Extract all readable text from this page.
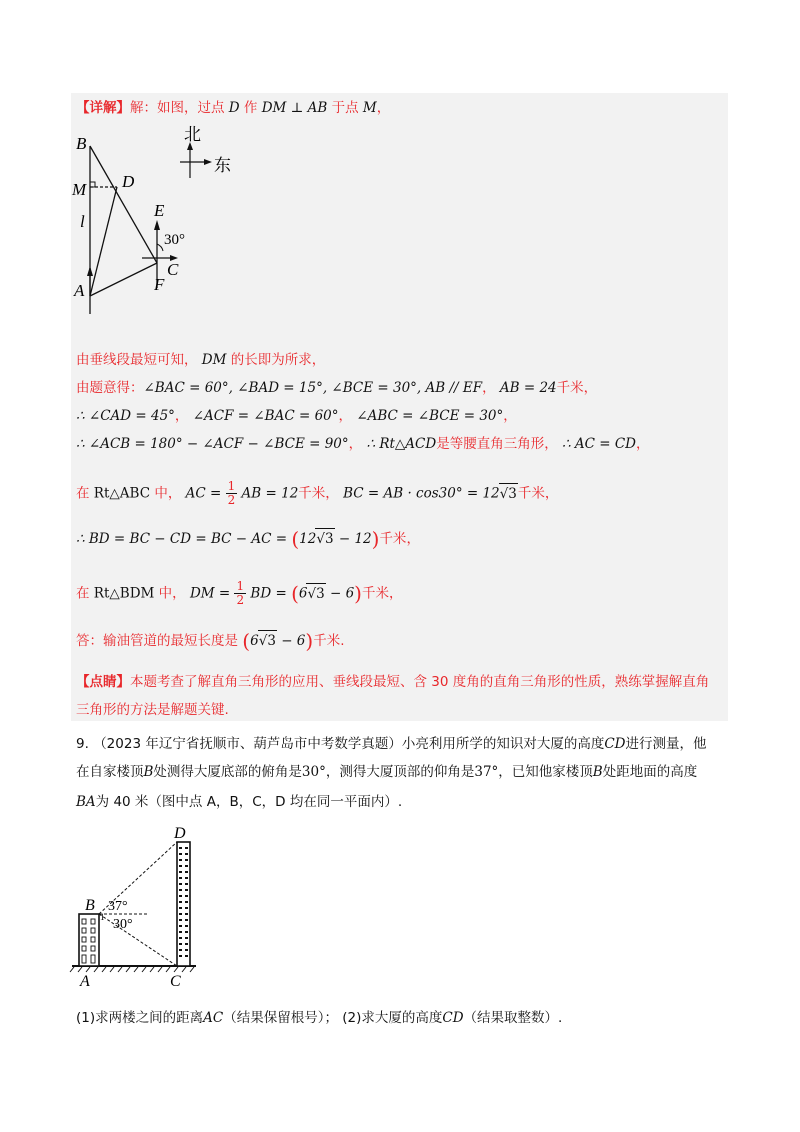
【详解】解：如图，过点 D 作 DM ⊥ AB 于点 M，
北
东
B
M D
l
E
30°
C
A	F
由垂线段最短可知， DM 的长即为所求，
由题意得：∠BAC = 60°, ∠BAD = 15°, ∠BCE = 30°, AB // EF， AB = 24千米，
∴ ∠CAD = 45°， ∠ACF = ∠BAC = 60°， ∠ABC = ∠BCE = 30°，
∴ ∠ACB = 180° − ∠ACF − ∠BCE = 90°， ∴ Rt△ACD是等腰直角三角形， ∴ AC = CD，
在 Rt△ABC 中， AC = $\frac{1}{2}$ AB = 12千米， BC = AB · cos30° = 12√3千米，
∴ BD = BC − CD = BC − AC = (12√3 − 12)千米，
在 Rt△BDM 中， DM = $\frac{1}{2}$ BD = (6√3 − 6)千米，
答：输油管道的最短长度是 (6√3 − 6)千米.
【点睛】本题考查了解直角三角形的应用、垂线段最短、含 30 度角的直角三角形的性质，熟练掌握解直角
三角形的方法是解题关键.
9. （2023 年辽宁省抚顺市、葫芦岛市中考数学真题）小亮利用所学的知识对大厦的高度CD进行测量，他
在自家楼顶B处测得大厦底部的俯角是30°，测得大厦顶部的仰角是37°，已知他家楼顶B处距地面的高度
BA为 40 米（图中点 A，B，C，D 均在同一平面内）.
D
B 37°
30°
1
A	C
(1)求两楼之间的距离AC（结果保留根号）； (2)求大厦的高度CD（结果取整数）.
